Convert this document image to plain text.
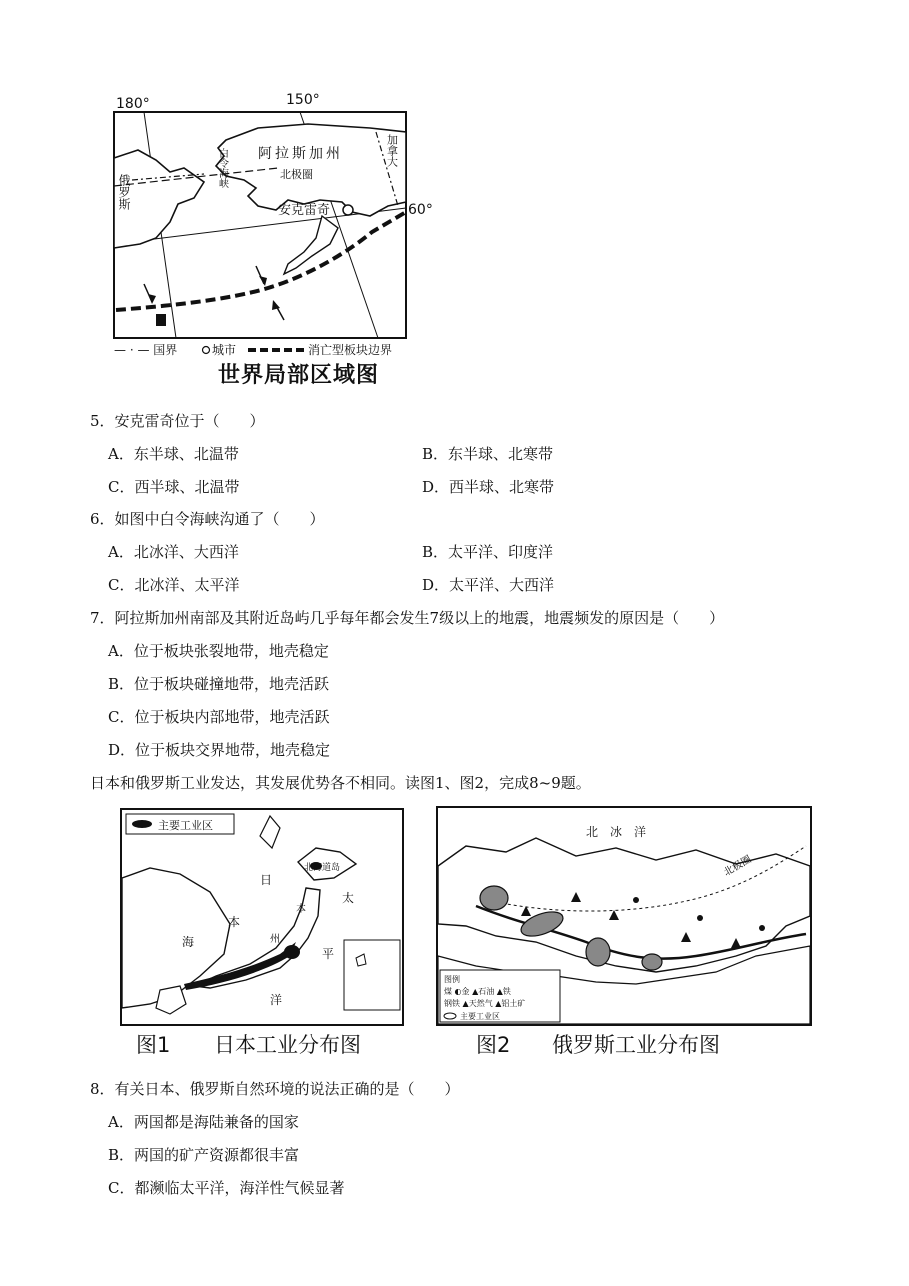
180°	150°
60°
阿拉斯加州
北极圈
安克雷奇
白令海峡
俄罗斯
加拿大
— · — 国界	城市	消亡型板块边界
世界局部区域图
5．安克雷奇位于（　　）
A．东半球、北温带	B．东半球、北寒带
C．西半球、北温带	D．西半球、北寒带
6．如图中白令海峡沟通了（　　）
A．北冰洋、大西洋	B．太平洋、印度洋
C．北冰洋、太平洋	D．太平洋、大西洋
7．阿拉斯加州南部及其附近岛屿几乎每年都会发生7级以上的地震，地震频发的原因是（　　）
A．位于板块张裂地带，地壳稳定
B．位于板块碰撞地带，地壳活跃
C．位于板块内部地带，地壳活跃
D．位于板块交界地带，地壳稳定
日本和俄罗斯工业发达，其发展优势各不相同。读图1、图2，完成8~9题。
主要工业区
北海道岛
日
本
海
太
平
洋
本
州
图1 日本工业分布图
北　冰　洋
北极圈
图例
煤 ◐金 ▲石油 ▲铁
钢铁 ▲天然气 ▲铝土矿
主要工业区
图2 俄罗斯工业分布图
8．有关日本、俄罗斯自然环境的说法正确的是（　　）
A．两国都是海陆兼备的国家
B．两国的矿产资源都很丰富
C．都濒临太平洋，海洋性气候显著
